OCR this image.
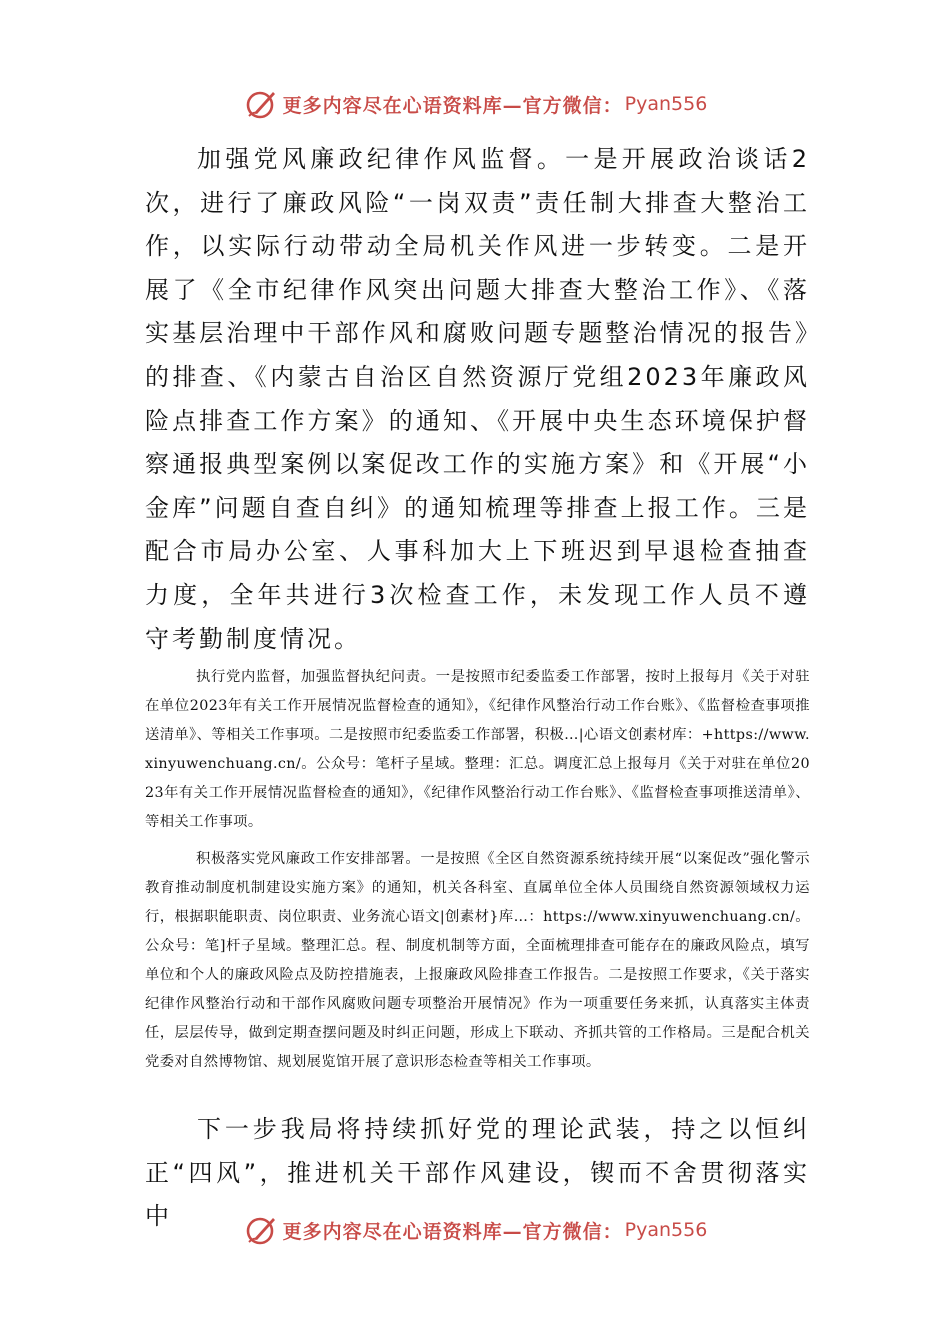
更多内容尽在心语资料库—官方微信： Pyan556

加强党风廉政纪律作风监督。一是开展政治谈话2次，进行了廉政风险“一岗双责”责任制大排查大整治工作，以实际行动带动全局机关作风进一步转变。二是开展了《全市纪律作风突出问题大排查大整治工作》、《落实基层治理中干部作风和腐败问题专题整治情况的报告》的排查、《内蒙古自治区自然资源厅党组2023年廉政风险点排查工作方案》的通知、《开展中央生态环境保护督察通报典型案例以案促改工作的实施方案》和《开展“小金库”问题自查自纠》的通知梳理等排查上报工作。三是配合市局办公室、人事科加大上下班迟到早退检查抽查力度，全年共进行3次检查工作，未发现工作人员不遵守考勤制度情况。

执行党内监督，加强监督执纪问责。一是按照市纪委监委工作部署，按时上报每月《关于对驻在单位2023年有关工作开展情况监督检查的通知》，《纪律作风整治行动工作台账》、《监督检查事项推送清单》、等相关工作事项。二是按照市纪委监委工作部署，积极…|心语文创素材库：+https://www.xinyuwenchuang.cn/。公众号：笔杆子星域。整理：汇总。调度汇总上报每月《关于对驻在单位2023年有关工作开展情况监督检查的通知》，《纪律作风整治行动工作台账》、《监督检查事项推送清单》、等相关工作事项。

积极落实党风廉政工作安排部署。一是按照《全区自然资源系统持续开展“以案促改”强化警示教育推动制度机制建设实施方案》的通知，机关各科室、直属单位全体人员围绕自然资源领域权力运行，根据职能职责、岗位职责、业务流心语文|创素材}库…：https://www.xinyuwenchuang.cn/。公众号：笔]杆子星域。整理汇总。程、制度机制等方面，全面梳理排查可能存在的廉政风险点，填写单位和个人的廉政风险点及防控措施表，上报廉政风险排查工作报告。二是按照工作要求，《关于落实纪律作风整治行动和干部作风腐败问题专项整治开展情况》作为一项重要任务来抓，认真落实主体责任，层层传导，做到定期查摆问题及时纠正问题，形成上下联动、齐抓共管的工作格局。三是配合机关党委对自然博物馆、规划展览馆开展了意识形态检查等相关工作事项。

下一步我局将持续抓好党的理论武装，持之以恒纠正“四风”，推进机关干部作风建设，锲而不舍贯彻落实中

更多内容尽在心语资料库—官方微信： Pyan556
